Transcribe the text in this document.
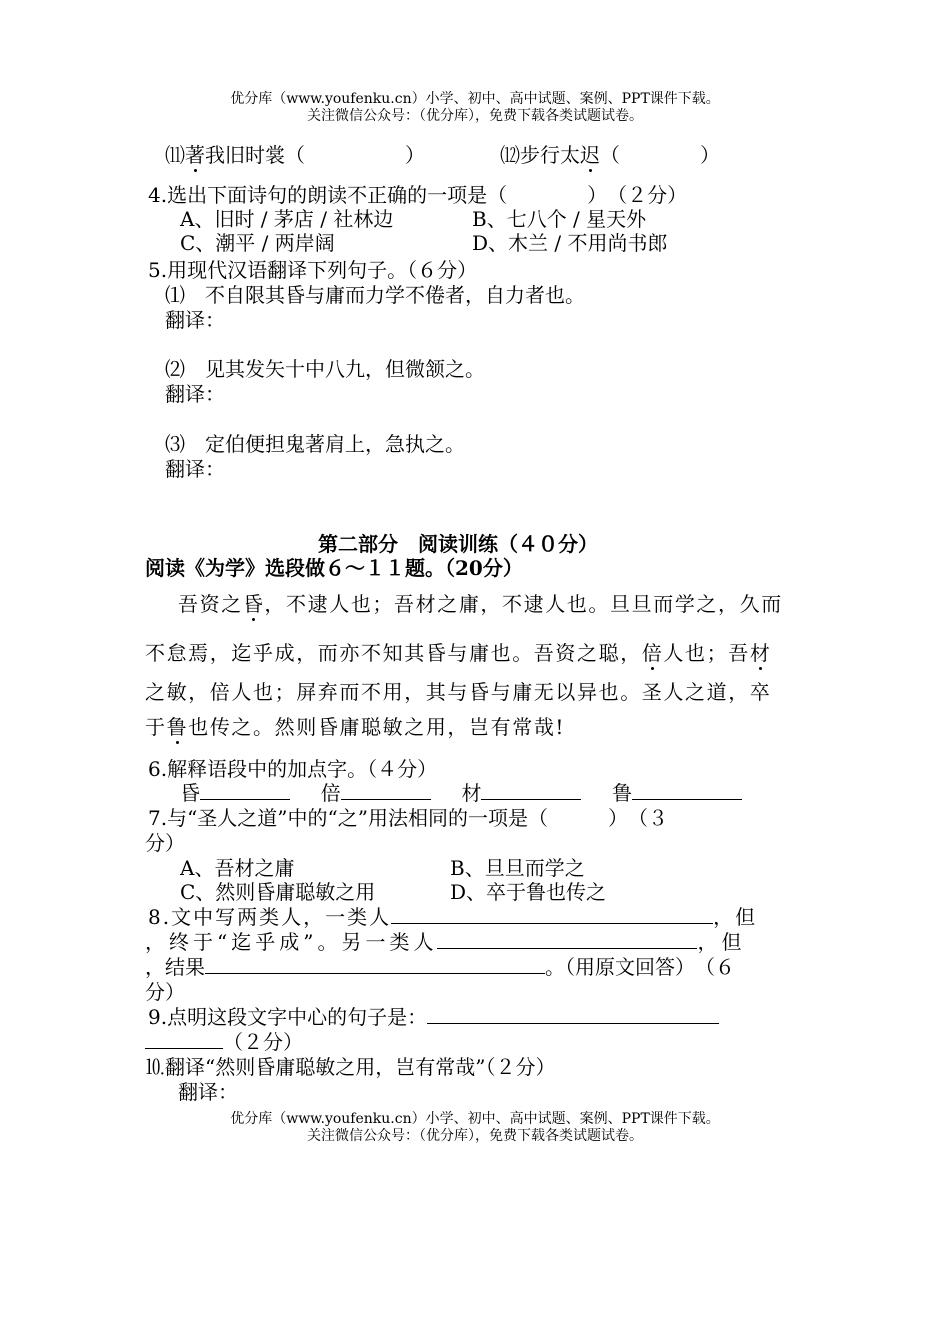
优分库（www.youfenku.cn）小学、初中、高中试题、案例、PPT课件下载。
关注微信公众号：（优分库），免费下载各类试题试卷。
⑾著我旧时裳（　　　　　）	⑿步行太迟（　　　　）
4.选出下面诗句的朗读不正确的一项是（　　　　）　（２分）
A、旧时 / 茅店 / 社林边	B、七八个 / 星天外
C、潮平 / 两岸阔	D、木兰 / 不用尚书郎
5.用现代汉语翻译下列句子。（６分）
⑴　不自限其昏与庸而力学不倦者，自力者也。
翻译：
⑵　见其发矢十中八九，但微颔之。
翻译：
⑶　定伯便担鬼著肩上，急执之。
翻译：
第二部分　阅读训练（４０分）
阅读《为学》选段做６～１１题。（20分）
吾资之昏，不逮人也；吾材之庸，不逮人也。旦旦而学之，久而
不怠焉，迄乎成，而亦不知其昏与庸也。吾资之聪，倍人也；吾材
之敏，倍人也；屏弃而不用，其与昏与庸无以异也。圣人之道，卒
于鲁也传之。然则昏庸聪敏之用，岂有常哉!
6.解释语段中的加点字。（４分）
昏	倍	材	鲁
7.与“圣人之道”中的“之”用法相同的一项是（　　　）　（３
分）
A、吾材之庸	B、旦旦而学之
C、然则昏庸聪敏之用	D、卒于鲁也传之
8.文中写两类人，一类人	，但
，终于“迄乎成”。另一类人	，但
，结果	。（用原文回答）　（６
分）
9.点明这段文字中心的句子是：
（２分）
⒑翻译“然则昏庸聪敏之用，岂有常哉”（２分）
翻译：
优分库（www.youfenku.cn）小学、初中、高中试题、案例、PPT课件下载。
关注微信公众号：（优分库），免费下载各类试题试卷。
